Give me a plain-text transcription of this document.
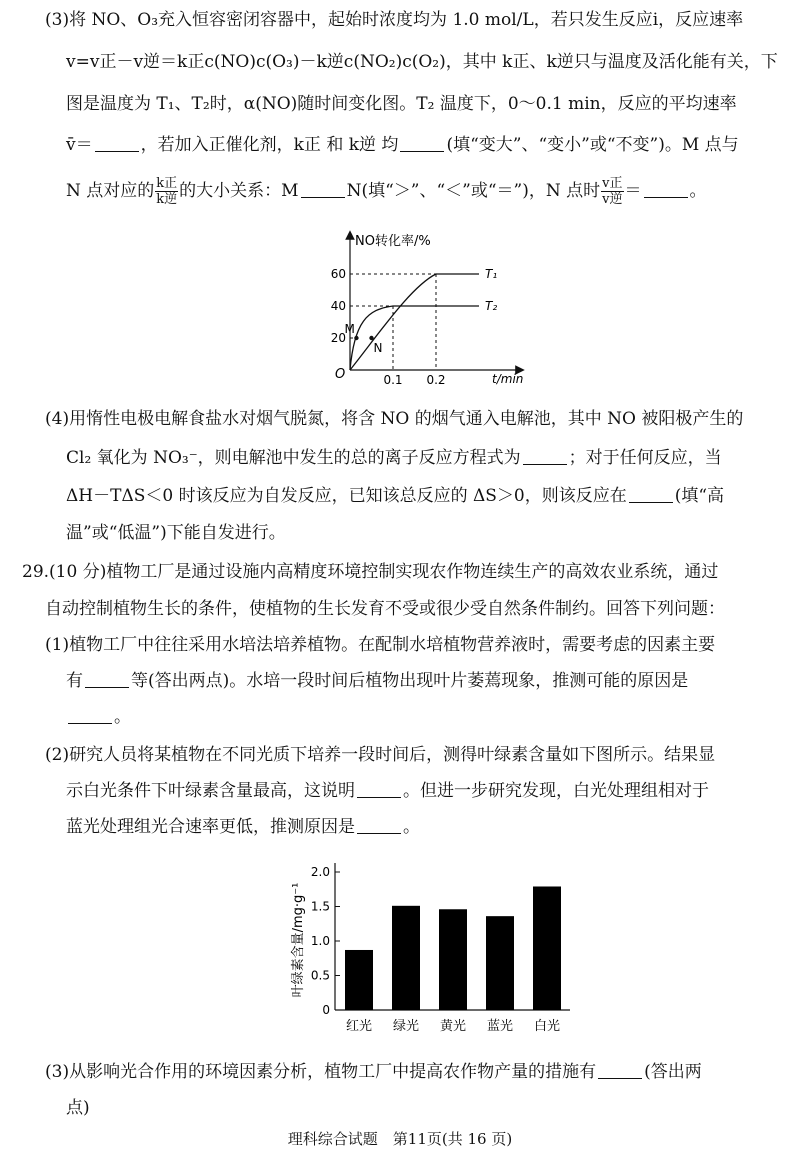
(3)将 NO、O₃充入恒容密闭容器中，起始时浓度均为 1.0 mol/L，若只发生反应ⅰ，反应速率
v=v正－v逆＝k正c(NO)c(O₃)－k逆c(NO₂)c(O₂)，其中 k正、k逆只与温度及活化能有关，下
图是温度为 T₁、T₂时，α(NO)随时间变化图。T₂ 温度下，0～0.1 min，反应的平均速率
v̄＝	，若加入正催化剂，k正 和 k逆 均	(填“变大”、“变小”或“不变”)。M 点与
N 点对应的 $\frac{\text{k正}}{\text{k逆}}$ 的大小关系：M	N(填“＞”、“＜”或“＝”)，N 点时 $\frac{\text{v正}}{\text{v逆}}$ ＝	。
NO转化率/%
t/min
O
60
40
20
0.1 0.2
T₁
T₂
M
N
(4)用惰性电极电解食盐水对烟气脱氮，将含 NO 的烟气通入电解池，其中 NO 被阳极产生的
Cl₂ 氧化为 NO₃⁻，则电解池中发生的总的离子反应方程式为	；对于任何反应，当
ΔH－TΔS＜0 时该反应为自发反应，已知该总反应的 ΔS＞0，则该反应在	(填“高
温”或“低温”)下能自发进行。
29.(10 分)植物工厂是通过设施内高精度环境控制实现农作物连续生产的高效农业系统，通过
自动控制植物生长的条件，使植物的生长发育不受或很少受自然条件制约。回答下列问题：
(1)植物工厂中往往采用水培法培养植物。在配制水培植物营养液时，需要考虑的因素主要
有	等(答出两点)。水培一段时间后植物出现叶片萎蔫现象，推测可能的原因是
。
(2)研究人员将某植物在不同光质下培养一段时间后，测得叶绿素含量如下图所示。结果显
示白光条件下叶绿素含量最高，这说明	。但进一步研究发现，白光处理组相对于
蓝光处理组光合速率更低，推测原因是	。
叶绿素含量/mg·g⁻¹
0
0.5
1.0
1.5
2.0
红光 绿光 黄光 蓝光 白光
(3)从影响光合作用的环境因素分析，植物工厂中提高农作物产量的措施有	(答出两
点)
理科综合试题　第11页(共 16 页)
